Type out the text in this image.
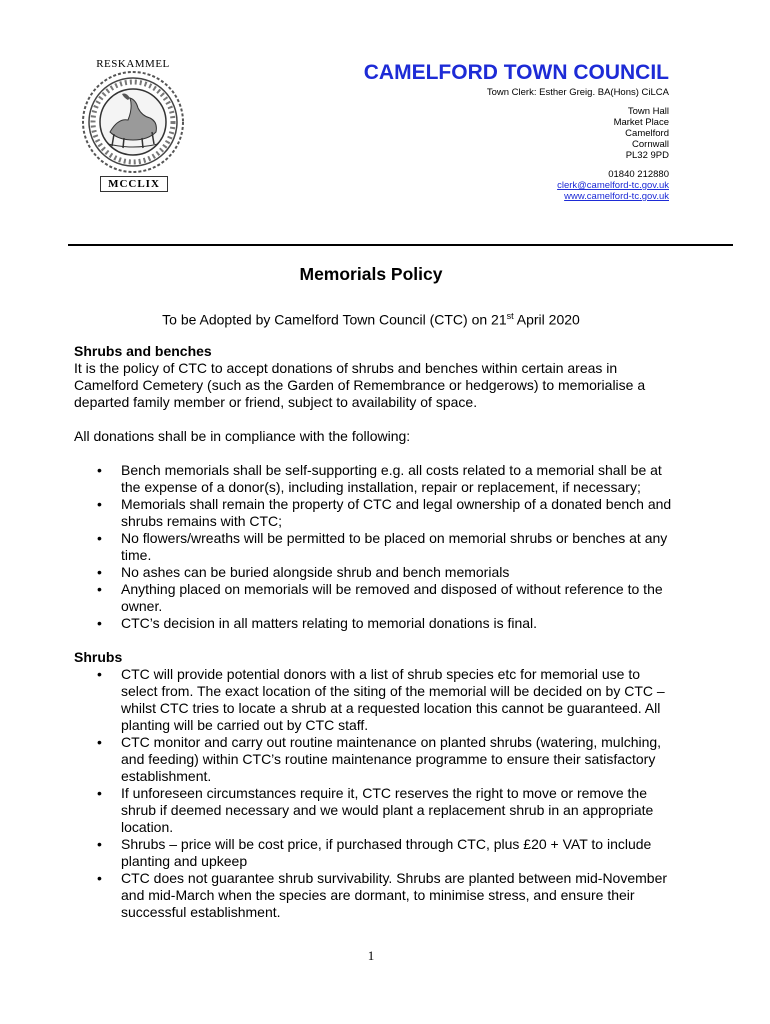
RESKAMMEL
MCCLIX
CAMELFORD TOWN COUNCIL
Town Clerk: Esther Greig. BA(Hons) CiLCA
Town Hall
Market Place
Camelford
Cornwall
PL32 9PD
01840 212880
clerk@camelford-tc.gov.uk
www.camelford-tc.gov.uk
Memorials Policy
To be Adopted by Camelford Town Council (CTC) on 21st April 2020
Shrubs and benches

It is the policy of CTC to accept donations of shrubs and benches within certain areas in Camelford Cemetery (such as the Garden of Remembrance or hedgerows) to memorialise a departed family member or friend, subject to availability of space.

All donations shall be in compliance with the following:

• Bench memorials shall be self-supporting e.g. all costs related to a memorial shall be at the expense of a donor(s), including installation, repair or replacement, if necessary;
• Memorials shall remain the property of CTC and legal ownership of a donated bench and shrubs remains with CTC;
• No flowers/wreaths will be permitted to be placed on memorial shrubs or benches at any time.
• No ashes can be buried alongside shrub and bench memorials
• Anything placed on memorials will be removed and disposed of without reference to the owner.
• CTC’s decision in all matters relating to memorial donations is final.
Shrubs
• CTC will provide potential donors with a list of shrub species etc for memorial use to select from. The exact location of the siting of the memorial will be decided on by CTC – whilst CTC tries to locate a shrub at a requested location this cannot be guaranteed. All planting will be carried out by CTC staff.
• CTC monitor and carry out routine maintenance on planted shrubs (watering, mulching, and feeding) within CTC’s routine maintenance programme to ensure their satisfactory establishment.
• If unforeseen circumstances require it, CTC reserves the right to move or remove the shrub if deemed necessary and we would plant a replacement shrub in an appropriate location.
• Shrubs – price will be cost price, if purchased through CTC, plus £20 + VAT to include planting and upkeep
• CTC does not guarantee shrub survivability. Shrubs are planted between mid-November and mid-March when the species are dormant, to minimise stress, and ensure their successful establishment.
1
